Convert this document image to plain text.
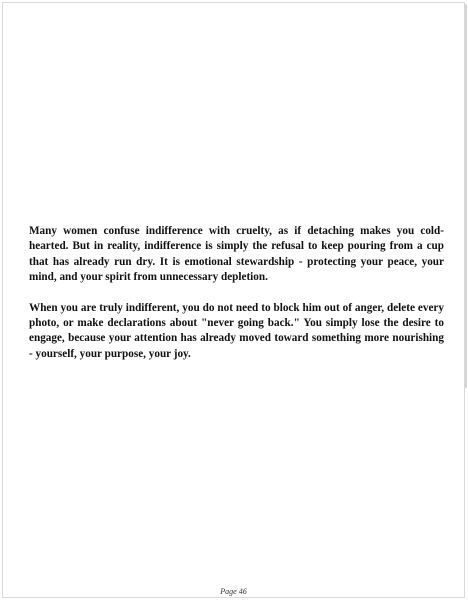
Many women confuse indifference with cruelty, as if detaching makes you cold-hearted. But in reality, indifference is simply the refusal to keep pouring from a cup that has already run dry. It is emotional stewardship - protecting your peace, your mind, and your spirit from unnecessary depletion.

When you are truly indifferent, you do not need to block him out of anger, delete every photo, or make declarations about "never going back." You simply lose the desire to engage, because your attention has already moved toward something more nourishing - yourself, your purpose, your joy.

Page 46
